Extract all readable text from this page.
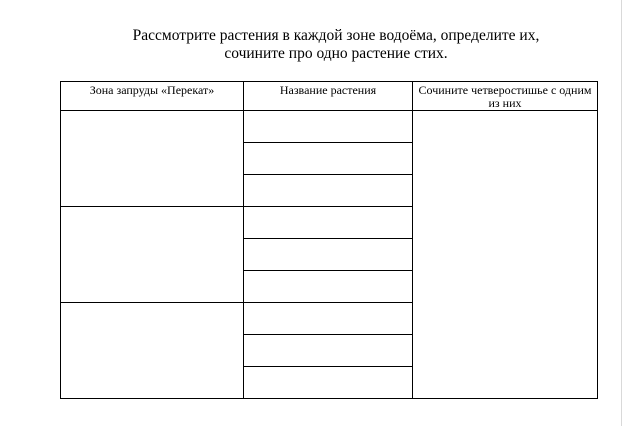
Рассмотрите растения в каждой зоне водоёма, определите их,
сочините про одно растение стих.
Зона запруды «Перекат»	Название растения	Сочините четверостишье с одним из них
